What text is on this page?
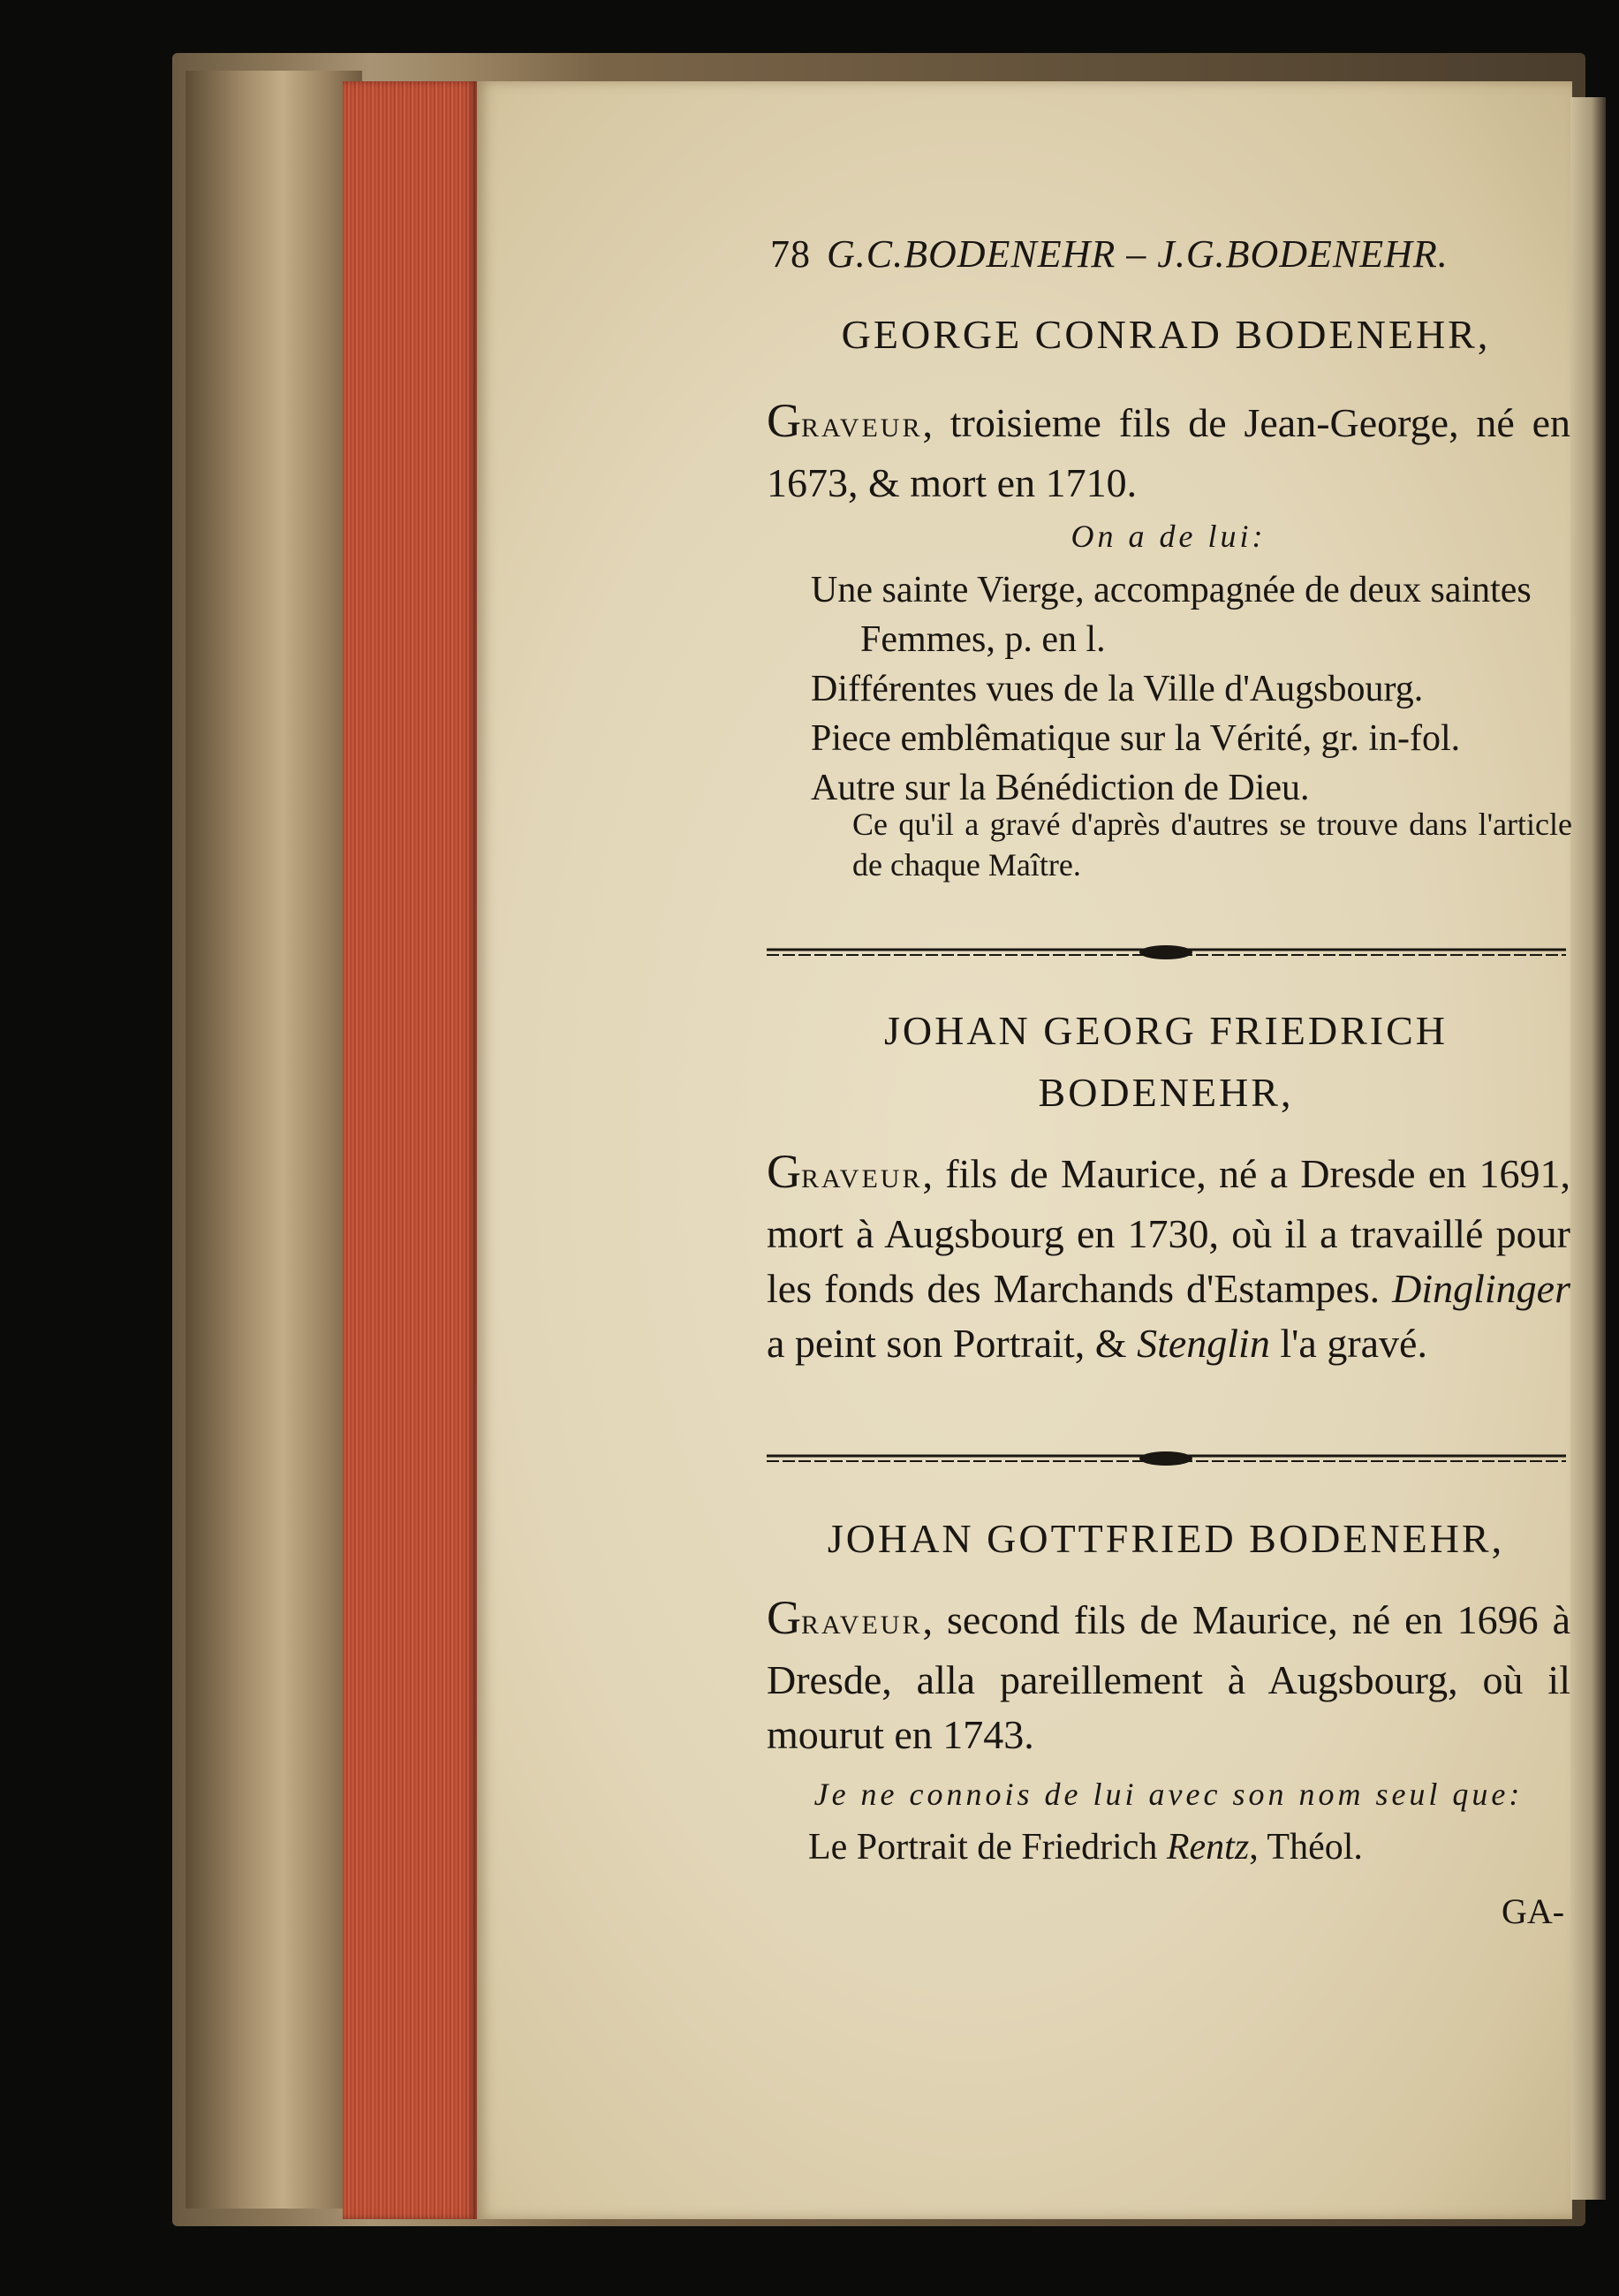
78 G.C.BODENEHR – J.G.BODENEHR.
GEORGE CONRAD BODENEHR,
GRAVEUR, troisieme fils de Jean-George, né en 1673, & mort en 1710.
On a de lui:
Une sainte Vierge, accompagnée de deux saintes Femmes, p. en l.
Différentes vues de la Ville d'Augsbourg.
Piece emblêmatique sur la Vérité, gr. in-fol.
Autre sur la Bénédiction de Dieu.
Ce qu'il a gravé d'après d'autres se trouve dans l'article de chaque Maître.
JOHAN GEORG FRIEDRICH
BODENEHR,
GRAVEUR, fils de Maurice, né a Dresde en 1691, mort à Augsbourg en 1730, où il a travaillé pour les fonds des Marchands d'Estampes. Dinglinger a peint son Portrait, & Stenglin l'a gravé.
JOHAN GOTTFRIED BODENEHR,
GRAVEUR, second fils de Maurice, né en 1696 à Dresde, alla pareillement à Augsbourg, où il mourut en 1743.
Je ne connois de lui avec son nom seul que:
Le Portrait de Friedrich Rentz, Théol.
GA-
